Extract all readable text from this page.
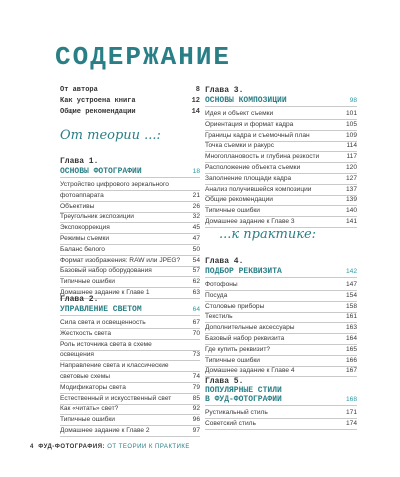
СОДЕРЖАНИЕ
От автора	8
Как устроена книга	12
Общие рекомендации	14
От теории ...:
Глава 1.
ОСНОВЫ ФОТОГРАФИИ	18
Устройство цифрового зеркального
фотоаппарата	21
Объективы	26
Треугольник экспозиции	32
Экспокоррекция	45
Режимы съемки	47
Баланс белого	50
Формат изображения: RAW или JPEG? 54
Базовый набор оборудования	57
Типичные ошибки	62
Домашнее задание к Главе 1	63
Глава 2.
УПРАВЛЕНИЕ СВЕТОМ	64
Сила света и освещенность	67
Жесткость света	70
Роль источника света в схеме
освещения	73
Направление света и классические
световые схемы	74
Модификаторы света	79
Естественный и искусственный свет	85
Как «читать» свет?	92
Типичные ошибки	96
Домашнее задание к Главе 2	97
Глава 3.
ОСНОВЫ КОМПОЗИЦИИ	98
Идея и объект съемки	101
Ориентация и формат кадра	105
Границы кадра и съемочный план	109
Точка съемки и ракурс	114
Многоплановость и глубина резкости	117
Расположение объекта съемки	120
Заполнение площади кадра	127
Анализ получившейся композиции	137
Общие рекомендации	139
Типичные ошибки	140
Домашнее задание к Главе 3	141
...к практике:
Глава 4.
ПОДБОР РЕКВИЗИТА	142
Фотофоны	147
Посуда	154
Столовые приборы	158
Текстиль	161
Дополнительные аксессуары	163
Базовый набор реквизита	164
Где купить реквизит?	165
Типичные ошибки	166
Домашнее задание к Главе 4	167
Глава 5.
ПОПУЛЯРНЫЕ СТИЛИ
В ФУД-ФОТОГРАФИИ	168
Рустикальный стиль	171
Советский стиль	174
4 ФУД-ФОТОГРАФИЯ: ОТ ТЕОРИИ К ПРАКТИКЕ
